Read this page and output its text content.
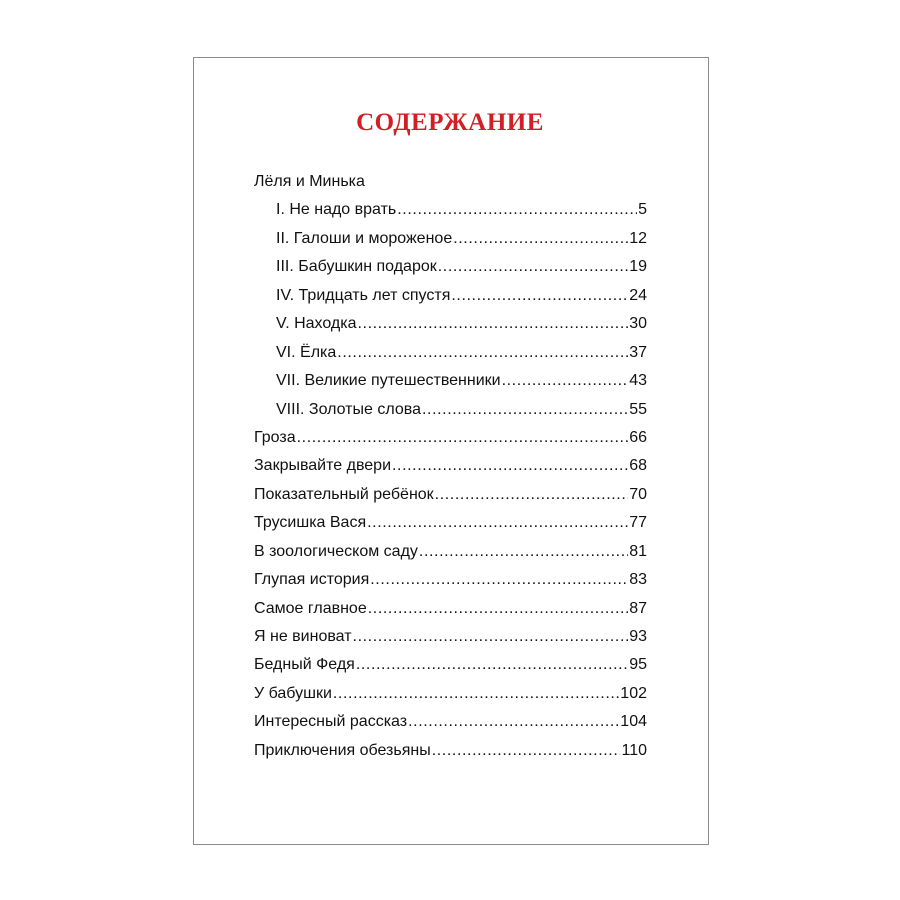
СОДЕРЖАНИЕ
Лёля и Минька
I. Не надо врать .....	5
II. Галоши и мороженое .....	12
III. Бабушкин подарок .....	19
IV. Тридцать лет спустя .....	24
V. Находка .....	30
VI. Ёлка .....	37
VII. Великие путешественники .....	43
VIII. Золотые слова .....	55
Гроза .....	66
Закрывайте двери .....	68
Показательный ребёнок .....	70
Трусишка Вася .....	77
В зоологическом саду .....	81
Глупая история .....	83
Самое главное .....	87
Я не виноват .....	93
Бедный Федя .....	95
У бабушки .....	102
Интересный рассказ .....	104
Приключения обезьяны .....	110
